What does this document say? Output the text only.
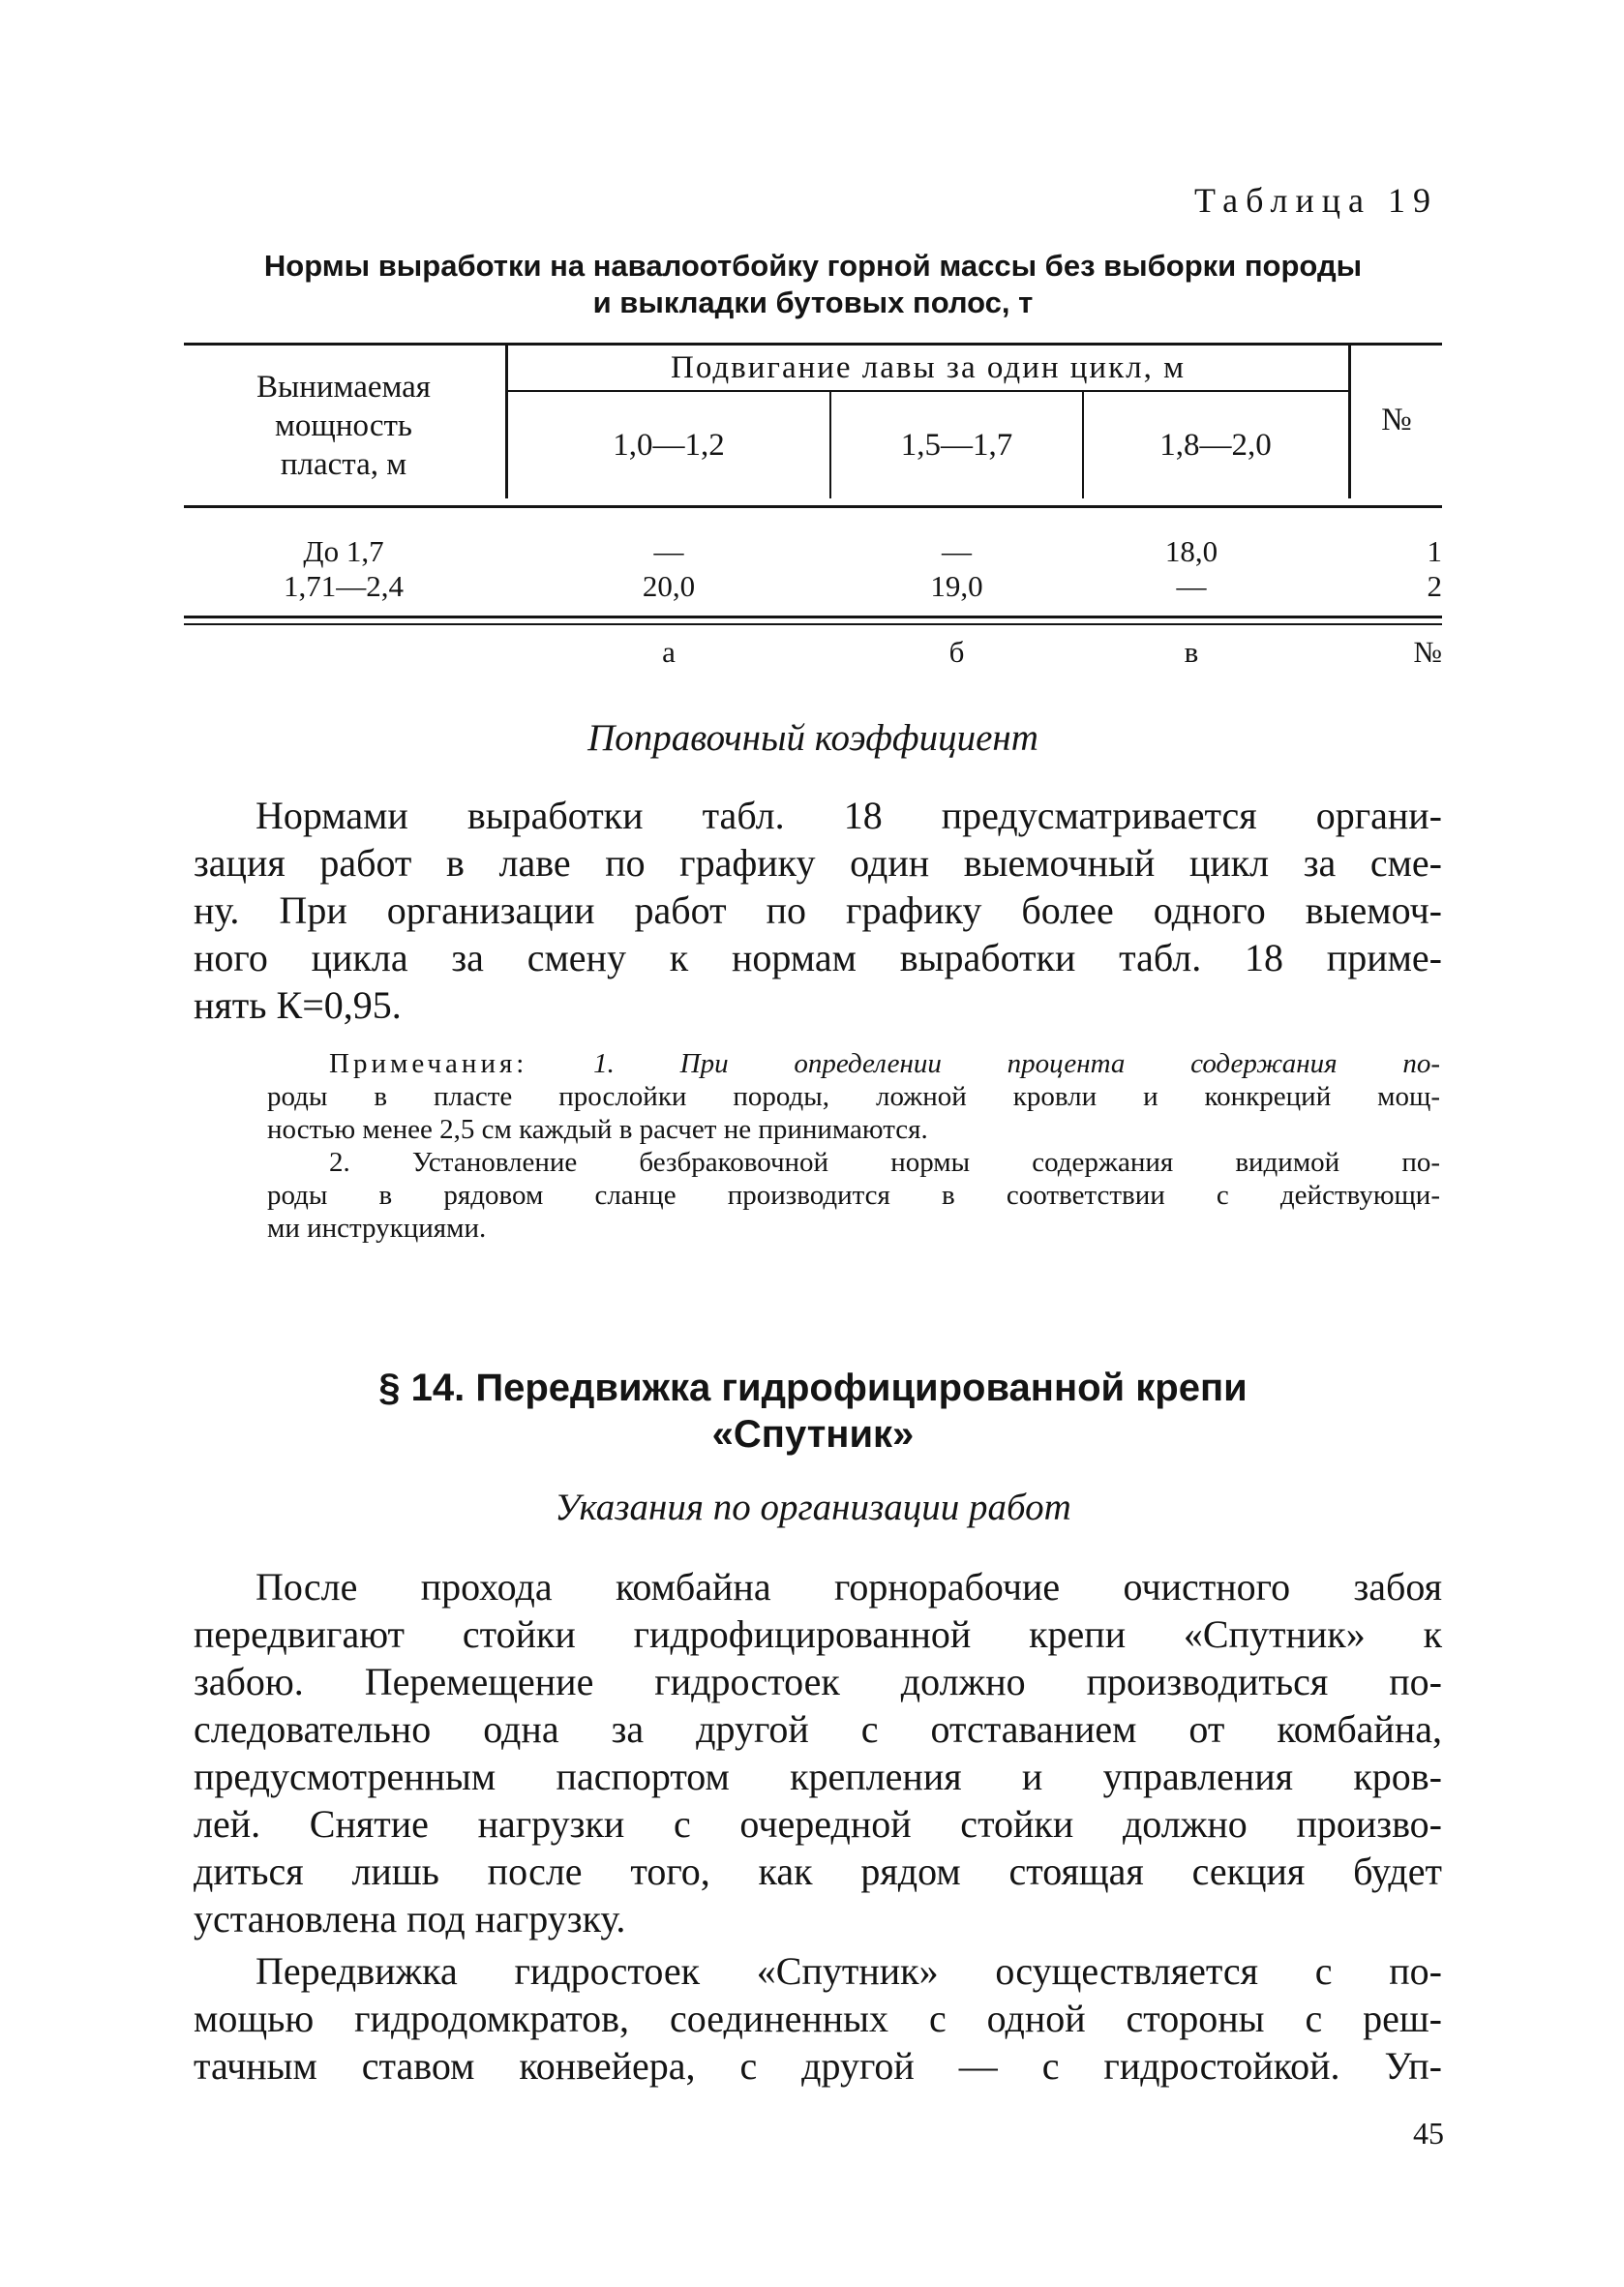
Таблица 19
Нормы выработки на навалоотбойку горной массы без выборки породы
и выкладки бутовых полос, т
Вынимаемая
мощность
пласта, м
Подвигание лавы за один цикл, м
1,0—1,2	1,5—1,7	1,8—2,0
№
До 1,7	—	—	18,0	1
1,71—2,4	20,0	19,0	—	2
а	б	в	№
Поправочный коэффициент
Нормами выработки табл. 18 предусматривается органи-
зация работ в лаве по графику один выемочный цикл за сме-
ну. При организации работ по графику более одного выемоч-
ного цикла за смену к нормам выработки табл. 18 приме-
нять К=0,95.
Примечания: 1. При определении процента содержания по-
роды в пласте прослойки породы, ложной кровли и конкреций мощ-
ностью менее 2,5 см каждый в расчет не принимаются.
2. Установление безбраковочной нормы содержания видимой по-
роды в рядовом сланце производится в соответствии с действующи-
ми инструкциями.
§ 14. Передвижка гидрофицированной крепи
«Спутник»
Указания по организации работ
После прохода комбайна горнорабочие очистного забоя
передвигают стойки гидрофицированной крепи «Спутник» к
забою. Перемещение гидростоек должно производиться по-
следовательно одна за другой с отставанием от комбайна,
предусмотренным паспортом крепления и управления кров-
лей. Снятие нагрузки с очередной стойки должно произво-
диться лишь после того, как рядом стоящая секция будет
установлена под нагрузку.
Передвижка гидростоек «Спутник» осуществляется с по-
мощью гидродомкратов, соединенных с одной стороны с реш-
тачным ставом конвейера, с другой — с гидростойкой. Уп-
45
